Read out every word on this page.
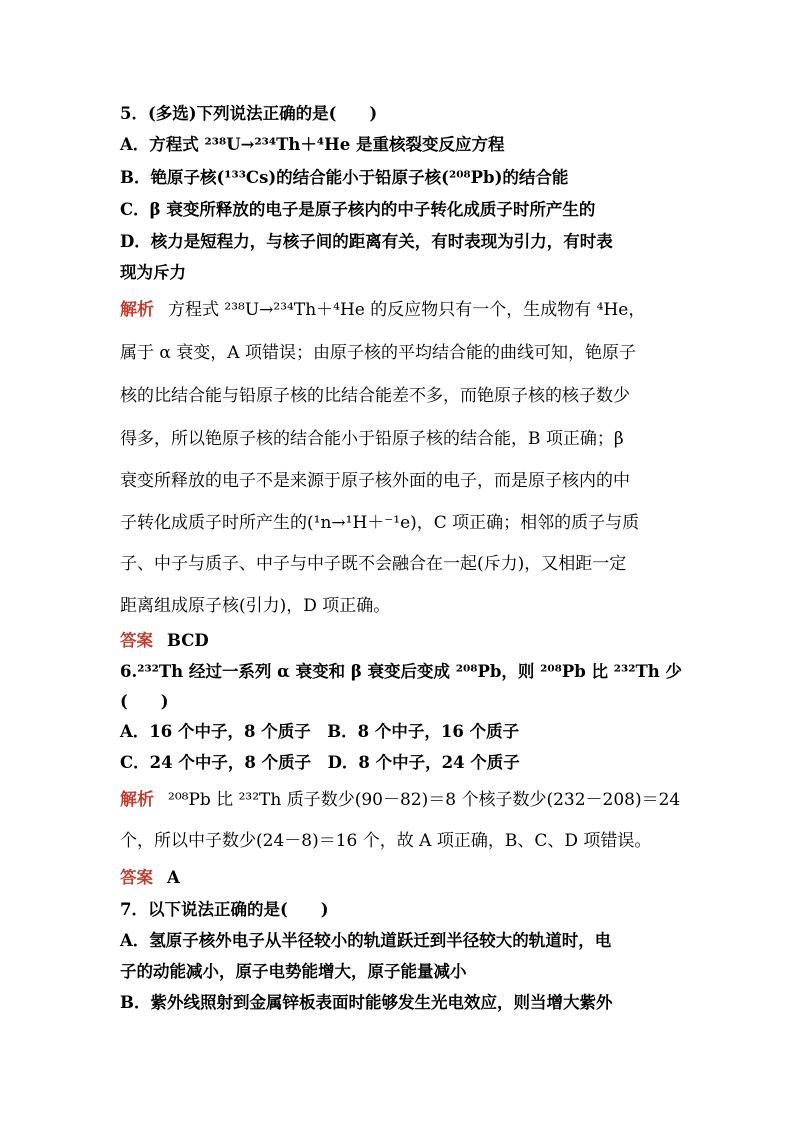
5．(多选)下列说法正确的是(　　)
A．方程式 ²³⁸U→²³⁴Th＋⁴He 是重核裂变反应方程
B．铯原子核(¹³³Cs)的结合能小于铅原子核(²⁰⁸Pb)的结合能
C．β 衰变所释放的电子是原子核内的中子转化成质子时所产生的
D．核力是短程力，与核子间的距离有关，有时表现为引力，有时表
现为斥力
解析 方程式 ²³⁸U→²³⁴Th＋⁴He 的反应物只有一个，生成物有 ⁴He，
属于 α 衰变，A 项错误；由原子核的平均结合能的曲线可知，铯原子
核的比结合能与铅原子核的比结合能差不多，而铯原子核的核子数少
得多，所以铯原子核的结合能小于铅原子核的结合能，B 项正确；β
衰变所释放的电子不是来源于原子核外面的电子，而是原子核内的中
子转化成质子时所产生的(¹n→¹H＋⁻¹e)，C 项正确；相邻的质子与质
子、中子与质子、中子与中子既不会融合在一起(斥力)，又相距一定
距离组成原子核(引力)，D 项正确。
答案 BCD
6.²³²Th 经过一系列 α 衰变和 β 衰变后变成 ²⁰⁸Pb，则 ²⁰⁸Pb 比 ²³²Th 少
(　　)
A．16 个中子，8 个质子　B．8 个中子，16 个质子
C．24 个中子，8 个质子　D．8 个中子，24 个质子
解析 ²⁰⁸Pb 比 ²³²Th 质子数少(90－82)＝8 个核子数少(232－208)＝24
个，所以中子数少(24－8)＝16 个，故 A 项正确，B、C、D 项错误。
答案 A
7．以下说法正确的是(　　)
A．氢原子核外电子从半径较小的轨道跃迁到半径较大的轨道时，电
子的动能减小，原子电势能增大，原子能量减小
B．紫外线照射到金属锌板表面时能够发生光电效应，则当增大紫外
